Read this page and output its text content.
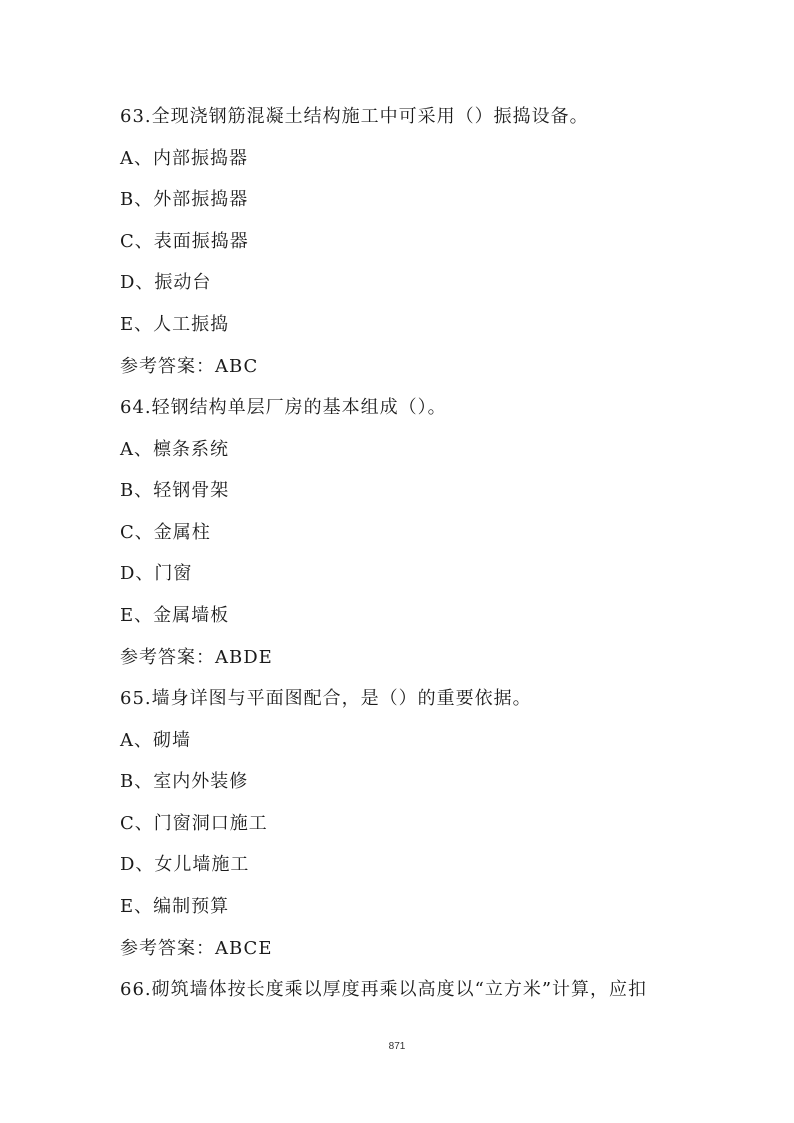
63.全现浇钢筋混凝土结构施工中可采用（）振捣设备。
A、内部振捣器
B、外部振捣器
C、表面振捣器
D、振动台
E、人工振捣
参考答案：ABC
64.轻钢结构单层厂房的基本组成（）。
A、檩条系统
B、轻钢骨架
C、金属柱
D、门窗
E、金属墙板
参考答案：ABDE
65.墙身详图与平面图配合，是（）的重要依据。
A、砌墙
B、室内外装修
C、门窗洞口施工
D、女儿墙施工
E、编制预算
参考答案：ABCE
66.砌筑墙体按长度乘以厚度再乘以高度以“立方米”计算，应扣
871
